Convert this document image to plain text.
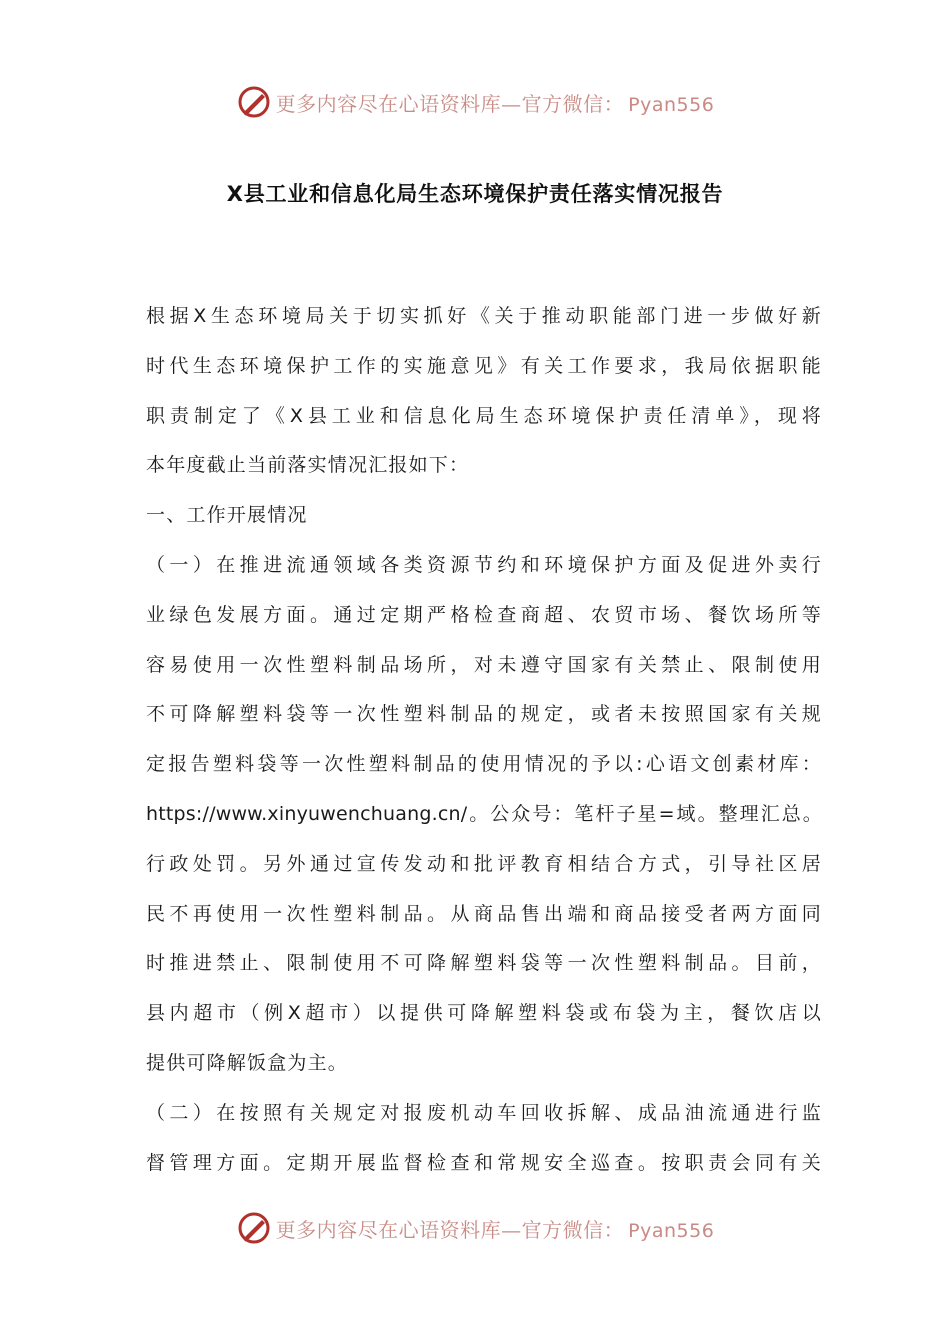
更多内容尽在心语资料库—官方微信： Pyan556
X县工业和信息化局生态环境保护责任落实情况报告
根据X生态环境局关于切实抓好《关于推动职能部门进一步做好新
时代生态环境保护工作的实施意见》有关工作要求，我局依据职能
职责制定了《X县工业和信息化局生态环境保护责任清单》，现将
本年度截止当前落实情况汇报如下：
一、工作开展情况
（一）在推进流通领域各类资源节约和环境保护方面及促进外卖行
业绿色发展方面。通过定期严格检查商超、农贸市场、餐饮场所等
容易使用一次性塑料制品场所，对未遵守国家有关禁止、限制使用
不可降解塑料袋等一次性塑料制品的规定，或者未按照国家有关规
定报告塑料袋等一次性塑料制品的使用情况的予以:心语文创素材库：
https://www.xinyuwenchuang.cn/。公众号：笔杆子星=域。整理汇总。
行政处罚。另外通过宣传发动和批评教育相结合方式，引导社区居
民不再使用一次性塑料制品。从商品售出端和商品接受者两方面同
时推进禁止、限制使用不可降解塑料袋等一次性塑料制品。目前，
县内超市（例X超市）以提供可降解塑料袋或布袋为主，餐饮店以
提供可降解饭盒为主。
（二）在按照有关规定对报废机动车回收拆解、成品油流通进行监
督管理方面。定期开展监督检查和常规安全巡查。按职责会同有关
更多内容尽在心语资料库—官方微信： Pyan556
